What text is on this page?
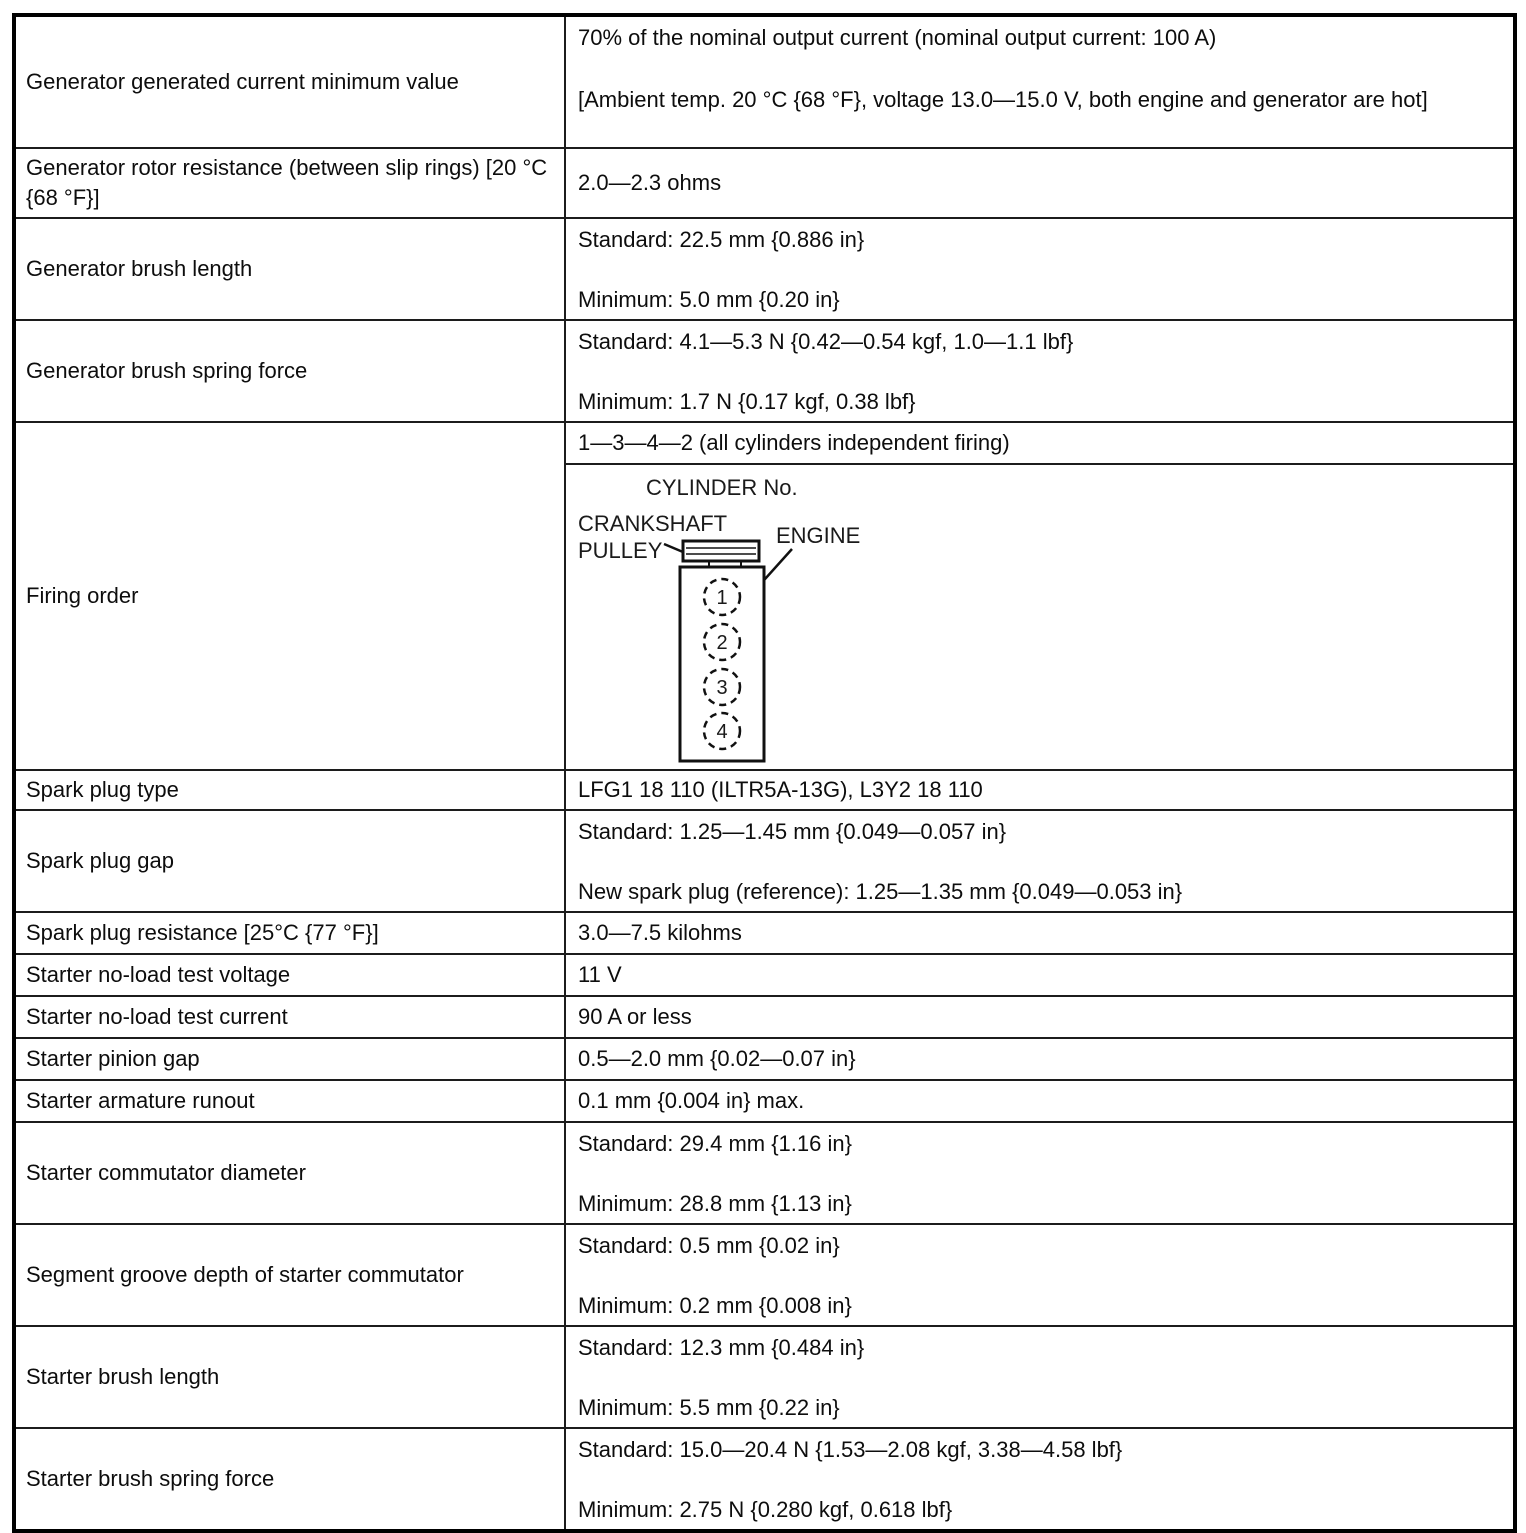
Generator generated current minimum value	70% of the nominal output current (nominal output current: 100 A)
[Ambient temp. 20 °C {68 °F}, voltage 13.0—15.0 V, both engine and generator are hot]

Generator rotor resistance (between slip rings) [20 °C {68 °F}]	2.0—2.3 ohms
Generator brush length	Standard: 22.5 mm {0.886 in}
Minimum: 5.0 mm {0.20 in}

Generator brush spring force	Standard: 4.1—5.3 N {0.42—0.54 kgf, 1.0—1.1 lbf}
Minimum: 1.7 N {0.17 kgf, 0.38 lbf}

Firing order	1—3—4—2 (all cylinders independent firing)

CYLINDER No.
CRANKSHAFT
PULLEY
ENGINE
1
2
3
4

Spark plug type	LFG1 18 110 (ILTR5A-13G), L3Y2 18 110
Spark plug gap	Standard: 1.25—1.45 mm {0.049—0.057 in}
New spark plug (reference): 1.25—1.35 mm {0.049—0.053 in}

Spark plug resistance [25°C {77 °F}]	3.0—7.5 kilohms
Starter no-load test voltage	11 V
Starter no-load test current	90 A or less
Starter pinion gap	0.5—2.0 mm {0.02—0.07 in}
Starter armature runout	0.1 mm {0.004 in} max.
Starter commutator diameter	Standard: 29.4 mm {1.16 in}
Minimum: 28.8 mm {1.13 in}

Segment groove depth of starter commutator	Standard: 0.5 mm {0.02 in}
Minimum: 0.2 mm {0.008 in}

Starter brush length	Standard: 12.3 mm {0.484 in}
Minimum: 5.5 mm {0.22 in}

Starter brush spring force	Standard: 15.0—20.4 N {1.53—2.08 kgf, 3.38—4.58 lbf}
Minimum: 2.75 N {0.280 kgf, 0.618 lbf}
